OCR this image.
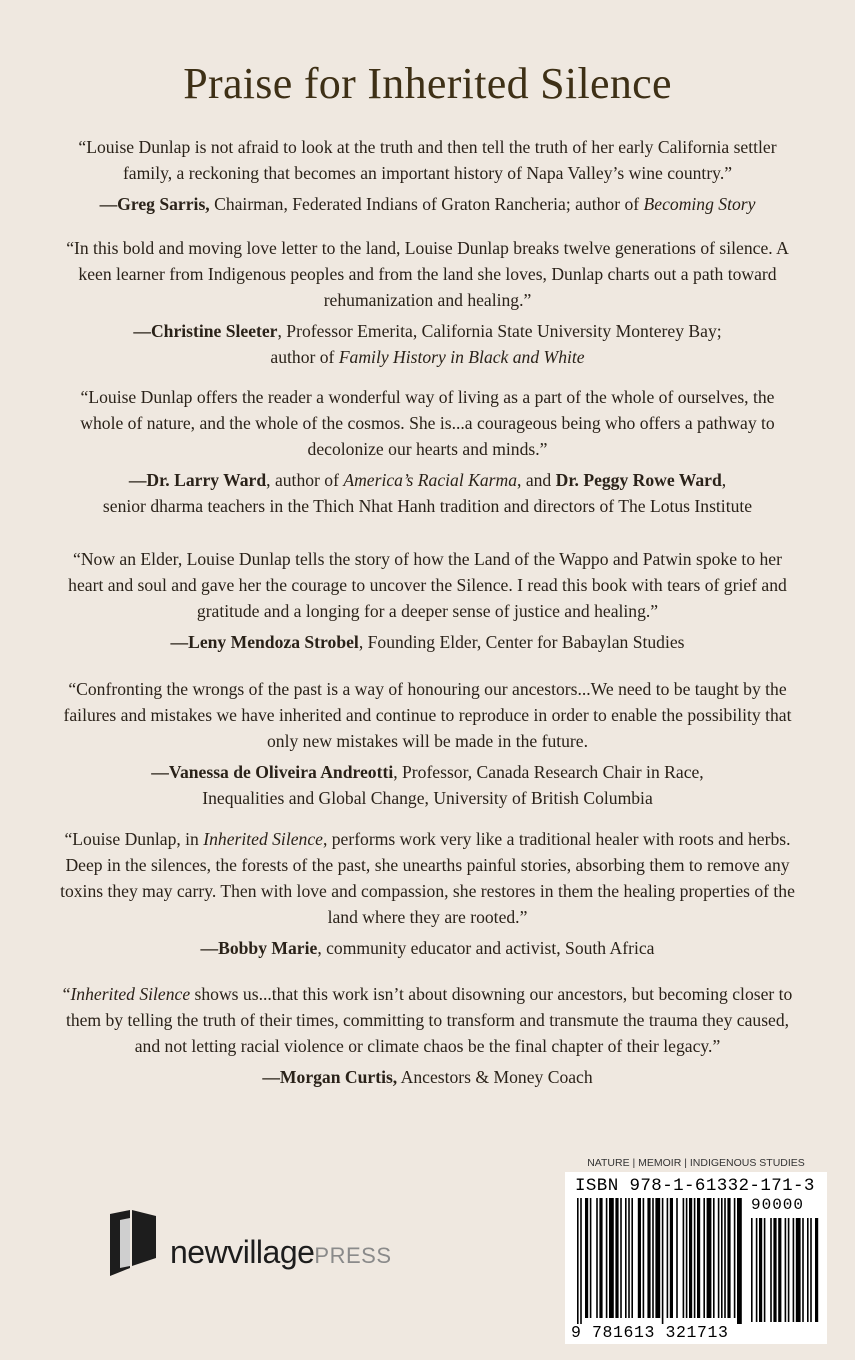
Praise for Inherited Silence

“Louise Dunlap is not afraid to look at the truth and then tell the truth of her early California settler family, a reckoning that becomes an important history of Napa Valley’s wine country.”

—Greg Sarris, Chairman, Federated Indians of Graton Rancheria; author of Becoming Story

“In this bold and moving love letter to the land, Louise Dunlap breaks twelve generations of silence. A keen learner from Indigenous peoples and from the land she loves, Dunlap charts out a path toward rehumanization and healing.”

—Christine Sleeter, Professor Emerita, California State University Monterey Bay;
author of Family History in Black and White

“Louise Dunlap offers the reader a wonderful way of living as a part of the whole of ourselves, the whole of nature, and the whole of the cosmos. She is...a courageous being who offers a pathway to decolonize our hearts and minds.”

—Dr. Larry Ward, author of America’s Racial Karma, and Dr. Peggy Rowe Ward,
senior dharma teachers in the Thich Nhat Hanh tradition and directors of The Lotus Institute

“Now an Elder, Louise Dunlap tells the story of how the Land of the Wappo and Patwin spoke to her heart and soul and gave her the courage to uncover the Silence. I read this book with tears of grief and gratitude and a longing for a deeper sense of justice and healing.”

—Leny Mendoza Strobel, Founding Elder, Center for Babaylan Studies

“Confronting the wrongs of the past is a way of honouring our ancestors...We need to be taught by the failures and mistakes we have inherited and continue to reproduce in order to enable the possibility that only new mistakes will be made in the future.

—Vanessa de Oliveira Andreotti, Professor, Canada Research Chair in Race,
Inequalities and Global Change, University of British Columbia

“Louise Dunlap, in Inherited Silence, performs work very like a traditional healer with roots and herbs. Deep in the silences, the forests of the past, she unearths painful stories, absorbing them to remove any toxins they may carry. Then with love and compassion, she restores in them the healing properties of the land where they are rooted.”

—Bobby Marie, community educator and activist, South Africa

“Inherited Silence shows us...that this work isn’t about disowning our ancestors, but becoming closer to them by telling the truth of their times, committing to transform and transmute the trauma they caused, and not letting racial violence or climate chaos be the final chapter of their legacy.”

—Morgan Curtis, Ancestors & Money Coach

newvillagePRESS
NATURE | MEMOIR | INDIGENOUS STUDIES
ISBN 978-1-61332-171-3
90000
9 781613 321713
